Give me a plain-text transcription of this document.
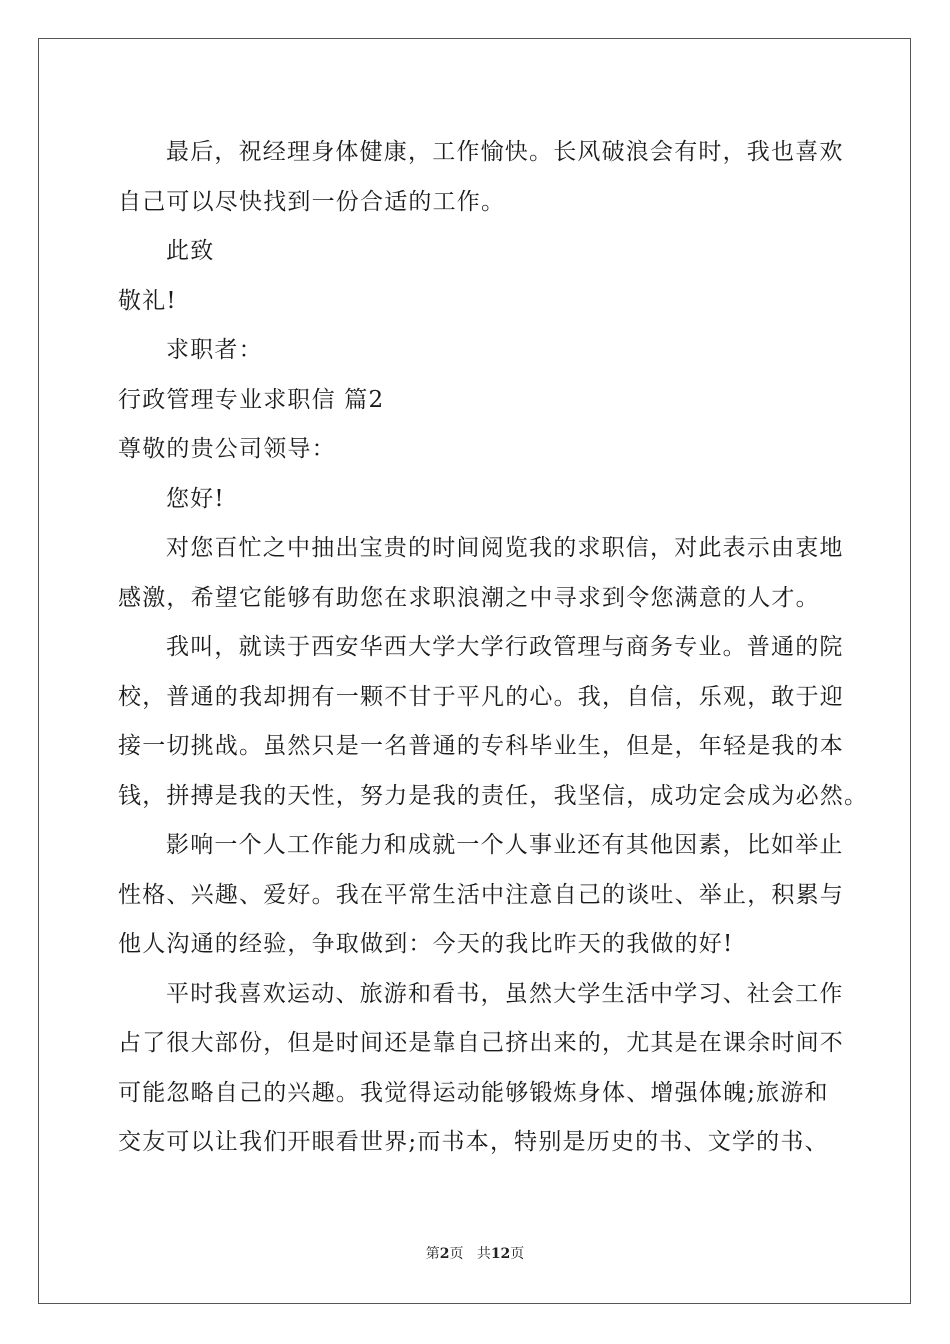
最后，祝经理身体健康，工作愉快。长风破浪会有时，我也喜欢
自己可以尽快找到一份合适的工作。
此致
敬礼!
求职者：
行政管理专业求职信 篇2
尊敬的贵公司领导：
您好!
对您百忙之中抽出宝贵的时间阅览我的求职信，对此表示由衷地
感激，希望它能够有助您在求职浪潮之中寻求到令您满意的人才。
我叫，就读于西安华西大学大学行政管理与商务专业。普通的院
校，普通的我却拥有一颗不甘于平凡的心。我，自信，乐观，敢于迎
接一切挑战。虽然只是一名普通的专科毕业生，但是，年轻是我的本
钱，拼搏是我的天性，努力是我的责任，我坚信，成功定会成为必然。
影响一个人工作能力和成就一个人事业还有其他因素，比如举止
性格、兴趣、爱好。我在平常生活中注意自己的谈吐、举止，积累与
他人沟通的经验，争取做到：今天的我比昨天的我做的好!
平时我喜欢运动、旅游和看书，虽然大学生活中学习、社会工作
占了很大部份，但是时间还是靠自己挤出来的，尤其是在课余时间不
可能忽略自己的兴趣。我觉得运动能够锻炼身体、增强体魄;旅游和
交友可以让我们开眼看世界;而书本，特别是历史的书、文学的书、
第2页 共12页
